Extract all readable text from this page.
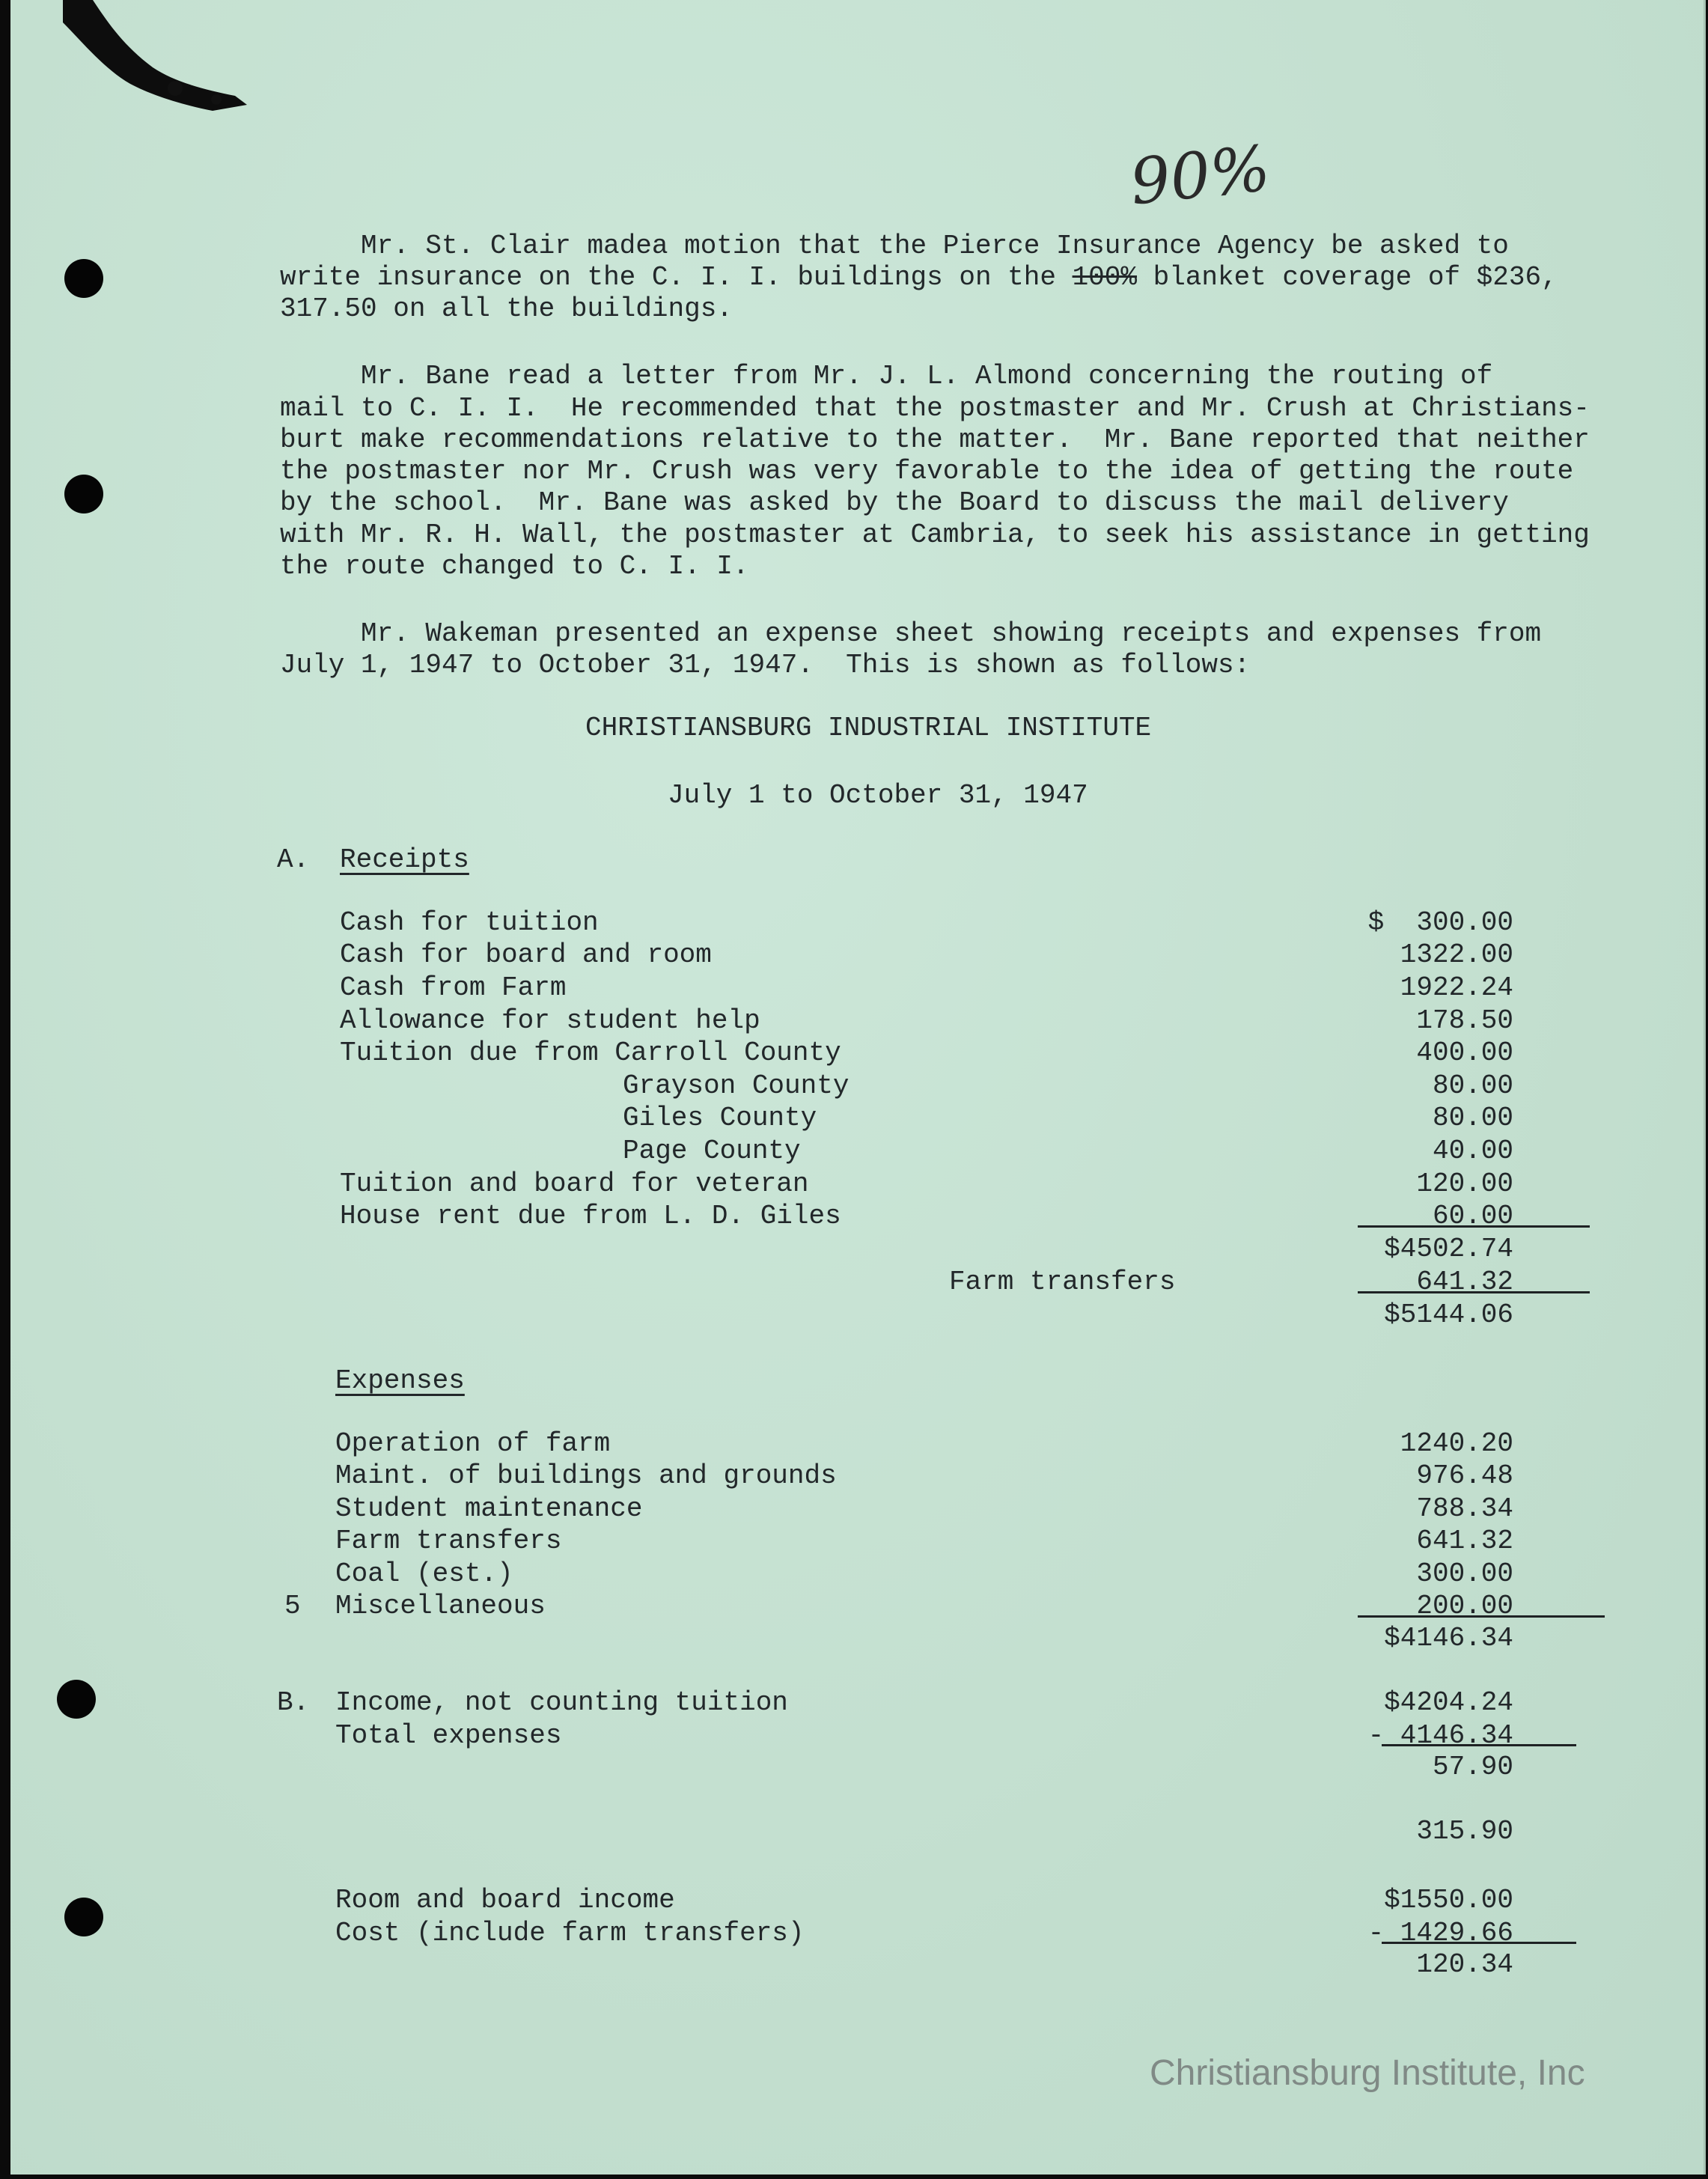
90%

Mr. St. Clair madea motion that the Pierce Insurance Agency be asked to

write insurance on the C. I. I. buildings on the 100% blanket coverage of $236,

317.50 on all the buildings.

Mr. Bane read a letter from Mr. J. L. Almond concerning the routing of

mail to C. I. I.  He recommended that the postmaster and Mr. Crush at Christians-

burt make recommendations relative to the matter.  Mr. Bane reported that neither

the postmaster nor Mr. Crush was very favorable to the idea of getting the route

by the school.  Mr. Bane was asked by the Board to discuss the mail delivery

with Mr. R. H. Wall, the postmaster at Cambria, to seek his assistance in getting

the route changed to C. I. I.

Mr. Wakeman presented an expense sheet showing receipts and expenses from

July 1, 1947 to October 31, 1947.  This is shown as follows:

CHRISTIANSBURG INDUSTRIAL INSTITUTE
July 1 to October 31, 1947
A. Receipts
Cash for tuition	$  300.00
Cash for board and room	1322.00
Cash from Farm	1922.24
Allowance for student help	178.50
Tuition due from Carroll County	400.00
Grayson County	80.00
Giles County	80.00
Page County	40.00
Tuition and board for veteran	120.00
House rent due from L. D. Giles	60.00
$4502.74
Farm transfers	641.32
$5144.06
Expenses
Operation of farm	1240.20
Maint. of buildings and grounds	976.48
Student maintenance	788.34
Farm transfers	641.32
Coal (est.)	300.00
5 Miscellaneous	200.00
$4146.34
B. Income, not counting tuition	$4204.24
Total expenses	- 4146.34
57.90
315.90
Room and board income	$1550.00
Cost (include farm transfers)	- 1429.66
120.34
Christiansburg Institute, Inc
